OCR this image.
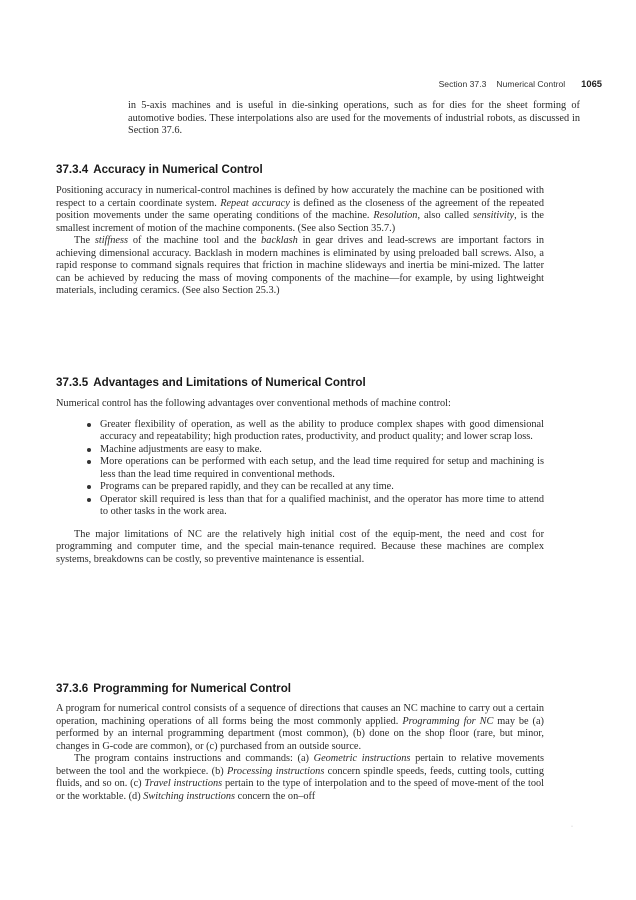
Section 37.3 Numerical Control 1065

in 5-axis machines and is useful in die-sinking operations, such as for dies for the sheet forming of automotive bodies. These interpolations also are used for the movements of industrial robots, as discussed in Section 37.6.

37.3.4 Accuracy in Numerical Control

Positioning accuracy in numerical-control machines is defined by how accurately the machine can be positioned with respect to a certain coordinate system. Repeat accuracy is defined as the closeness of the agreement of the repeated position movements under the same operating conditions of the machine. Resolution, also called sensitivity, is the smallest increment of motion of the machine components. (See also Section 35.7.)

The stiffness of the machine tool and the backlash in gear drives and lead-screws are important factors in achieving dimensional accuracy. Backlash in modern machines is eliminated by using preloaded ball screws. Also, a rapid response to command signals requires that friction in machine slideways and inertia be mini-mized. The latter can be achieved by reducing the mass of moving components of the machine—for example, by using lightweight materials, including ceramics. (See also Section 25.3.)

37.3.5 Advantages and Limitations of Numerical Control

Numerical control has the following advantages over conventional methods of machine control:

Greater flexibility of operation, as well as the ability to produce complex shapes with good dimensional accuracy and repeatability; high production rates, productivity, and product quality; and lower scrap loss.
Machine adjustments are easy to make.
More operations can be performed with each setup, and the lead time required for setup and machining is less than the lead time required in conventional methods.
Programs can be prepared rapidly, and they can be recalled at any time.
Operator skill required is less than that for a qualified machinist, and the operator has more time to attend to other tasks in the work area.

The major limitations of NC are the relatively high initial cost of the equip-ment, the need and cost for programming and computer time, and the special main-tenance required. Because these machines are complex systems, breakdowns can be costly, so preventive maintenance is essential.

37.3.6 Programming for Numerical Control

A program for numerical control consists of a sequence of directions that causes an NC machine to carry out a certain operation, machining operations of all forms being the most commonly applied. Programming for NC may be (a) performed by an internal programming department (most common), (b) done on the shop floor (rare, but minor, changes in G-code are common), or (c) purchased from an outside source.

The program contains instructions and commands: (a) Geometric instructions pertain to relative movements between the tool and the workpiece. (b) Processing instructions concern spindle speeds, feeds, cutting tools, cutting fluids, and so on. (c) Travel instructions pertain to the type of interpolation and to the speed of move-ment of the tool or the worktable. (d) Switching instructions concern the on–off

·
